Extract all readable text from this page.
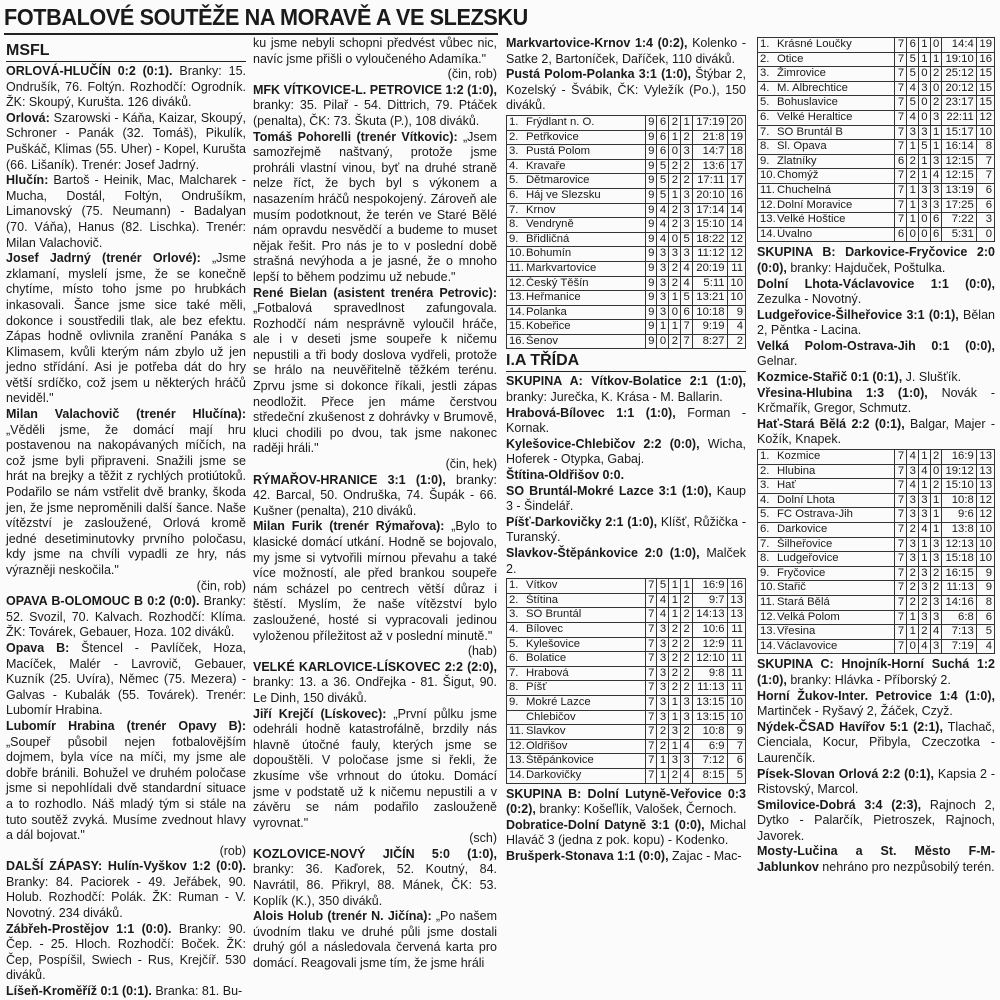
FOTBALOVÉ SOUTĚŽE NA MORAVĚ A VE SLEZSKU
MSFL

ORLOVÁ-HLUČÍN 0:2 (0:1). Branky: 15. Ondrušík, 76. Foltýn. Rozhodčí: Ogrodník. ŽK: Skoupý, Kurušta. 126 diváků.

Orlová: Szarowski - Káňa, Kaizar, Skoupý, Schroner - Panák (32. Tomáš), Pikulík, Puškáč, Klimas (55. Uher) - Kopel, Kurušta (66. Lišaník). Trenér: Josef Jadrný.

Hlučín: Bartoš - Heinik, Mac, Malcharek - Mucha, Dostál, Foltýn, Ondrušíkm, Limanovský (75. Neumann) - Badalyan (70. Váňa), Hanus (82. Lischka). Trenér: Milan Valachovič.

Josef Jadrný (trenér Orlové): „Jsme zklamaní, myslelí jsme, že se konečně chytíme, místo toho jsme po hrubkách inkasovali. Šance jsme sice také měli, dokonce i soustředili tlak, ale bez efektu. Zápas hodně ovlivnila zranění Panáka s Klimasem, kvůli kterým nám zbylo už jen jedno střídání. Asi je potřeba dát do hry větší srdíčko, což jsem u některých hráčů neviděl."

Milan Valachovič (trenér Hlučína): „Věděli jsme, že domácí mají hru postavenou na nakopávaných míčích, na což jsme byli připraveni. Snažili jsme se hrát na brejky a těžit z rychlých protiútoků. Podařilo se nám vstřelit dvě branky, škoda jen, že jsme neproměnili další šance. Naše vítězství je zasloužené, Orlová kromě jedné desetiminutovky prvního poločasu, kdy jsme na chvíli vypadli ze hry, nás výrazněji neskočila."

(čin, rob)

OPAVA B-OLOMOUC B 0:2 (0:0). Branky: 52. Svozil, 70. Kalvach. Rozhodčí: Klíma. ŽK: Továrek, Gebauer, Hoza. 102 diváků.

Opava B: Štencel - Pavlíček, Hoza, Macíček, Malér - Lavrovič, Gebauer, Kuzník (25. Uvíra), Němec (75. Mezera) - Galvas - Kubalák (55. Továrek). Trenér: Lubomír Hrabina.

Lubomír Hrabina (trenér Opavy B): „Soupeř působil nejen fotbalovějším dojmem, byla více na míči, my jsme ale dobře bránili. Bohužel ve druhém poločase jsme si nepohlídali dvě standardní situace a to rozhodlo. Náš mladý tým si stále na tuto soutěž zvyká. Musíme zvednout hlavy a dál bojovat."

(rob)

DALŠÍ ZÁPASY: Hulín-Vyškov 1:2 (0:0). Branky: 84. Paciorek - 49. Jeřábek, 90. Holub. Rozhodčí: Polák. ŽK: Ruman - V. Novotný. 234 diváků.

Zábřeh-Prostějov 1:1 (0:0). Branky: 90. Čep. - 25. Hloch. Rozhodčí: Boček. ŽK: Čep, Pospíšil, Swiech - Rus, Krejčíř. 530 diváků.

Líšeň-Kroměříž 0:1 (0:1). Branka: 81. Bu-

ku jsme nebyli schopni předvést vůbec nic, navíc jsme přišli o vyloučeného Adamíka."

(čin, rob)

MFK VÍTKOVICE-L. PETROVICE 1:2 (1:0), branky: 35. Pilař - 54. Dittrich, 79. Ptáček (penalta), ČK: 73. Škuta (P.), 108 diváků.

Tomáš Pohorelli (trenér Vítkovic): „Jsem samozřejmě naštvaný, protože jsme prohráli vlastní vinou, byť na druhé straně nelze říct, že bych byl s výkonem a nasazením hráčů nespokojený. Zároveň ale musím podotknout, že terén ve Staré Bělé nám opravdu nesvědčí a budeme to muset nějak řešit. Pro nás je to v poslední době strašná nevýhoda a je jasné, že o mnoho lepší to během podzimu už nebude."

René Bielan (asistent trenéra Petrovic): „Fotbalová spravedlnost zafungovala. Rozhodčí nám nesprávně vyloučil hráče, ale i v deseti jsme soupeře k ničemu nepustili a tři body doslova vydřeli, protože se hrálo na neuvěřitelně těžkém terénu. Zprvu jsme si dokonce říkali, jestli zápas neodložit. Přece jen máme čerstvou středeční zkušenost z dohrávky v Brumově, kluci chodili po dvou, tak jsme nakonec raději hráli."

(čin, hek)

RÝMAŘOV-HRANICE 3:1 (1:0), branky: 42. Barcal, 50. Ondruška, 74. Šupák - 66. Kušner (penalta), 210 diváků.

Milan Furik (trenér Rýmařova): „Bylo to klasické domácí utkání. Hodně se bojovalo, my jsme si vytvořili mírnou převahu a také více možností, ale před brankou soupeře nám scházel po centrech větší důraz i štěstí. Myslím, že naše vítězství bylo zasloužené, hosté si vypracovali jedinou vyloženou příležitost až v poslední minutě."

(hab)

VELKÉ KARLOVICE-LÍSKOVEC 2:2 (2:0), branky: 13. a 36. Ondřejka - 81. Šigut, 90. Le Dinh, 150 diváků.

Jiří Krejčí (Lískovec): „První půlku jsme odehráli hodně katastrofálně, brzdily nás hlavně útočné fauly, kterých jsme se dopouštěli. V poločase jsme si řekli, že zkusíme vše vrhnout do útoku. Domácí jsme v podstatě už k ničemu nepustili a v závěru se nám podařilo zaslouženě vyrovnat."

(sch)

KOZLOVICE-NOVÝ JIČÍN 5:0 (1:0), branky: 36. Kaďorek, 52. Koutný, 84. Navrátil, 86. Přikryl, 88. Mánek, ČK: 53. Koplík (K.), 350 diváků.

Alois Holub (trenér N. Jičína): „Po našem úvodním tlaku ve druhé půli jsme dostali druhý gól a následovala červená karta pro domácí. Reagovali jsme tím, že jsme hráli

Markvartovice-Krnov 1:4 (0:2), Kolenko - Satke 2, Bartoníček, Daříček, 110 diváků.

Pustá Polom-Polanka 3:1 (1:0), Štýbar 2, Kozelský - Švábik, ČK: Vyležík (Po.), 150 diváků.

1. Frýdlant n. O.	9	6	2	1	17:19	20
2. Petřkovice	9	6	1	2	21:8	19
3. Pustá Polom	9	6	0	3	14:7	18
4. Kravaře	9	5	2	2	13:6	17
5. Dětmarovice	9	5	2	2	17:11	17
6. Háj ve Slezsku	9	5	1	3	20:10	16
7. Krnov	9	4	2	3	17:14	14
8. Vendryně	9	4	2	3	15:10	14
9. Břidličná	9	4	0	5	18:22	12
10.Bohumín	9	3	3	3	11:12	12
11. Markvartovice	9	3	2	4	20:19	11
12.Český Těšín	9	3	2	4	5:11	10
13.Heřmanice	9	3	1	5	13:21	10
14.Polanka	9	3	0	6	10:18	9
15.Kobeřice	9	1	1	7	9:19	4
16.Šenov	9	0	2	7	8:27	2
I.A TŘÍDA

SKUPINA A: Vítkov-Bolatice 2:1 (1:0), branky: Jurečka, K. Krása - M. Ballarin.

Hrabová-Bílovec 1:1 (1:0), Forman - Kornak.

Kylešovice-Chlebičov 2:2 (0:0), Wicha, Hoferek - Otypka, Gabaj.

Štítina-Oldřišov 0:0.

SO Bruntál-Mokré Lazce 3:1 (1:0), Kaup 3 - Šindelář.

Píšť-Darkovičky 2:1 (1:0), Klíšť, Růžička - Turanský.

Slavkov-Štěpánkovice 2:0 (1:0), Malček 2.

1. Vítkov	7	5	1	1	16:9	16
2. Štítina	7	4	1	2	9:7	13
3. SO Bruntál	7	4	1	2	14:13	13
4. Bílovec	7	3	2	2	10:6	11
5. Kylešovice	7	3	2	2	12:9	11
6. Bolatice	7	3	2	2	12:10	11
7. Hrabová	7	3	2	2	9:8	11
8. Píšť	7	3	2	2	11:13	11
9. Mokré Lazce	7	3	1	3	13:15	10
Chlebičov	7	3	1	3	13:15	10
11. Slavkov	7	2	3	2	10:8	9
12.Oldřišov	7	2	1	4	6:9	7
13.Štěpánkovice	7	1	3	3	7:12	6
14.Darkovičky	7	1	2	4	8:15	5

SKUPINA B: Dolní Lutyně-Veřovice 0:3 (0:2), branky: Košeľlík, Valošek, Černoch.

Dobratice-Dolní Datyně 3:1 (0:0), Michal Hlaváč 3 (jedna z pok. kopu) - Kodenko.

Brušperk-Stonava 1:1 (0:0), Zajac - Mac-

1. Krásné Loučky	7	6	1	0	14:4	19
2. Otice	7	5	1	1	19:10	16
3. Žimrovice	7	5	0	2	25:12	15
4. M. Albrechtice	7	4	3	0	20:12	15
5. Bohuslavice	7	5	0	2	23:17	15
6. Velké Heraltice	7	4	0	3	22:11	12
7. SO Bruntál B	7	3	3	1	15:17	10
8. Sl. Opava	7	1	5	1	16:14	8
9. Zlatníky	6	2	1	3	12:15	7
10.Chomýž	7	2	1	4	12:15	7
11. Chuchelná	7	1	3	3	13:19	6
12.Dolní Moravice	7	1	3	3	17:25	6
13.Velké Hoštice	7	1	0	6	7:22	3
14.Úvalno	6	0	0	6	5:31	0

SKUPINA B: Darkovice-Fryčovice 2:0 (0:0), branky: Hajduček, Poštulka.

Dolní Lhota-Václavovice 1:1 (0:0), Zezulka - Novotný.

Ludgeřovice-Šilheřovice 3:1 (0:1), Bělan 2, Pěntka - Lacina.

Velká Polom-Ostrava-Jih 0:1 (0:0), Gelnar.

Kozmice-Stařič 0:1 (0:1), J. Slušťík.

Vřesina-Hlubina 1:3 (1:0), Novák - Krčmařík, Gregor, Schmutz.

Hať-Stará Bělá 2:2 (0:1), Balgar, Majer - Kožík, Knapek.

1. Kozmice	7	4	1	2	16:9	13
2. Hlubina	7	3	4	0	19:12	13
3. Hať	7	4	1	2	15:10	13
4. Dolní Lhota	7	3	3	1	10:8	12
5. FC Ostrava-Jih	7	3	3	1	9:6	12
6. Darkovice	7	2	4	1	13:8	10
7. Šilheřovice	7	3	1	3	12:13	10
8. Ludgeřovice	7	3	1	3	15:18	10
9. Fryčovice	7	2	3	2	16:15	9
10.Stařič	7	2	3	2	11:13	9
11. Stará Bělá	7	2	2	3	14:16	8
12.Velká Polom	7	1	3	3	6:8	6
13.Vřesina	7	1	2	4	7:13	5
14.Václavovice	7	0	4	3	7:19	4

SKUPINA C: Hnojník-Horní Suchá 1:2 (1:0), branky: Hlávka - Příborský 2.

Horní Žukov-Inter. Petrovice 1:4 (1:0), Martinček - Ryšavý 2, Žáček, Czyž.

Nýdek-ČSAD Havířov 5:1 (2:1), Tlachač, Cienciala, Kocur, Přibyla, Czeczotka - Laurenčík.

Písek-Slovan Orlová 2:2 (0:1), Kapsia 2 - Ristovský, Marcol.

Smilovice-Dobrá 3:4 (2:3), Rajnoch 2, Dytko - Palarčík, Pietroszek, Rajnoch, Javorek.

Mosty-Lučina a St. Město F-M-Jablunkov nehráno pro nezpůsobilý terén.
